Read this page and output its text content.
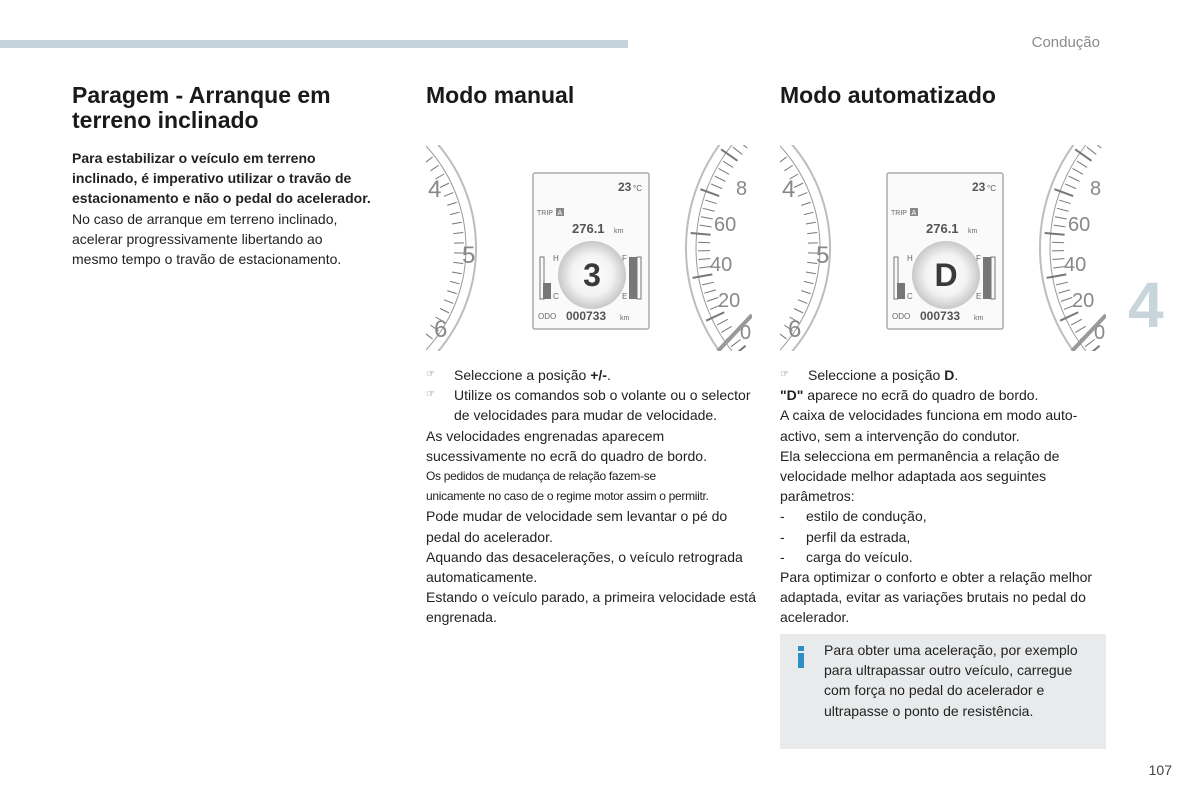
Condução
4
107
Paragem - Arranque em terreno inclinado

Para estabilizar o veículo em terreno inclinado, é imperativo utilizar o travão de estacionamento e não o pedal do acelerador.

No caso de arranque em terreno inclinado, acelerar progressivamente libertando ao mesmo tempo o travão de estacionamento.

Modo manual
4
5
6
8
60
40
20
0
23 °C
TRIP A
276.1 km
H
C
F
E
3
ODO 000733 km
☞	Seleccione a posição +/-.
☞	Utilize os comandos sob o volante ou o selector de velocidades para mudar de velocidade.

As velocidades engrenadas aparecem sucessivamente no ecrã do quadro de bordo.

Os pedidos de mudança de relação fazem-se

unicamente no caso de o regime motor assim o permiitr.

Pode mudar de velocidade sem levantar o pé do pedal do acelerador.

Aquando das desacelerações, o veículo retrograda automaticamente.

Estando o veículo parado, a primeira velocidade está engrenada.

Modo automatizado
4
5
6
8
60
40
20
0
23 °C
TRIP A
276.1 km
H
C
F
E
D
ODO 000733 km
☞	Seleccione a posição D.

"D" aparece no ecrã do quadro de bordo.

A caixa de velocidades funciona em modo auto-activo, sem a intervenção do condutor.

Ela selecciona em permanência a relação de velocidade melhor adaptada aos seguintes parâmetros:

- estilo de condução,

- perfil da estrada,

- carga do veículo.

Para optimizar o conforto e obter a relação melhor adaptada, evitar as variações brutais no pedal do acelerador.

Para obter uma aceleração, por exemplo para ultrapassar outro veículo, carregue com força no pedal do acelerador e ultrapasse o ponto de resistência.
